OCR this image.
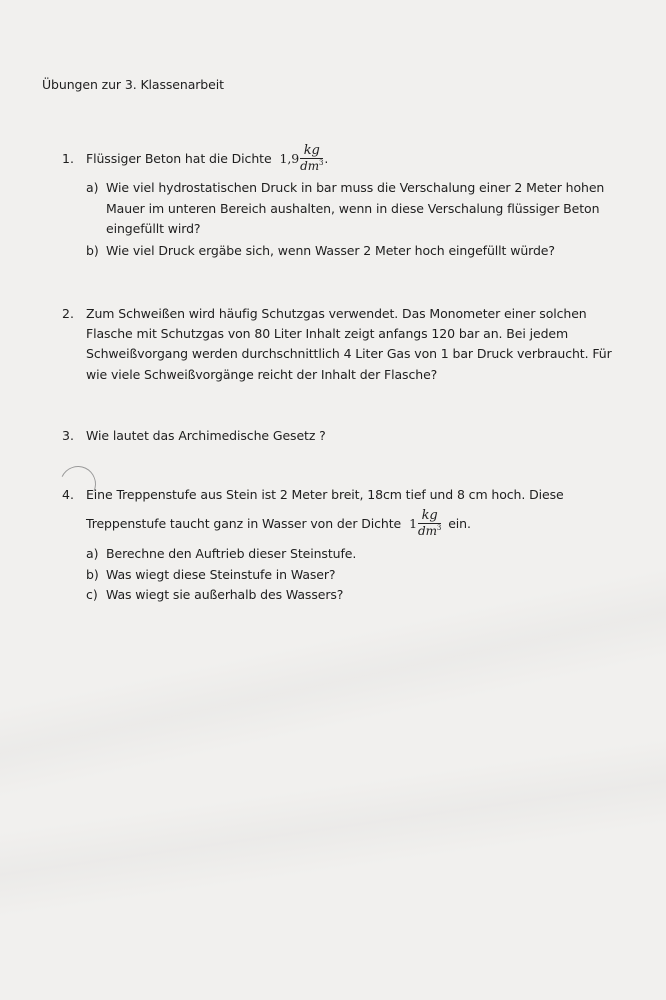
Übungen zur 3. Klassenarbeit
1. Flüssiger Beton hat die Dichte $1,9 \frac{kg}{dm^3}$ .
a) Wie viel hydrostatischen Druck in bar muss die Verschalung einer 2 Meter hohen
Mauer im unteren Bereich aushalten, wenn in diese Verschalung flüssiger Beton
eingefüllt wird?
b) Wie viel Druck ergäbe sich, wenn Wasser 2 Meter hoch eingefüllt würde?
2. Zum Schweißen wird häufig Schutzgas verwendet. Das Monometer einer solchen
Flasche mit Schutzgas von 80 Liter Inhalt zeigt anfangs 120 bar an. Bei jedem
Schweißvorgang werden durchschnittlich 4 Liter Gas von 1 bar Druck verbraucht. Für
wie viele Schweißvorgänge reicht der Inhalt der Flasche?
3. Wie lautet das Archimedische Gesetz ?
4. Eine Treppenstufe aus Stein ist 2 Meter breit, 18cm tief und 8 cm hoch. Diese
Treppenstufe taucht ganz in Wasser von der Dichte $1 \frac{kg}{dm^3}$ ein.
a) Berechne den Auftrieb dieser Steinstufe.
b) Was wiegt diese Steinstufe in Waser?
c) Was wiegt sie außerhalb des Wassers?
